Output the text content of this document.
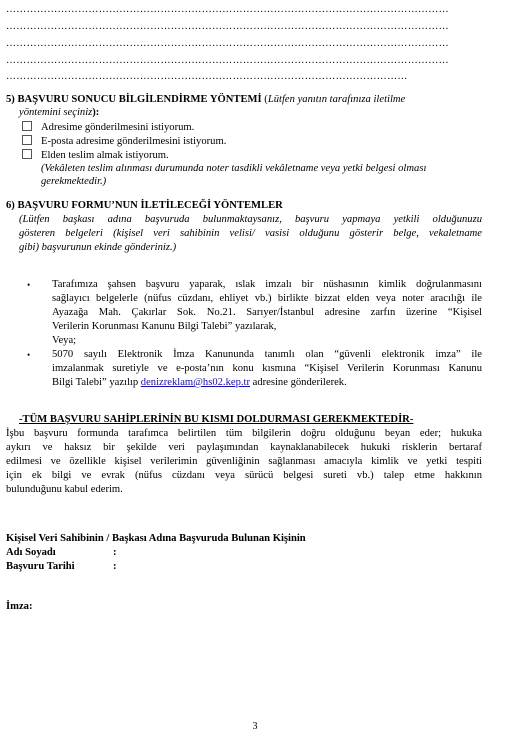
…………………………………………………………………………………………………………………
…………………………………………………………………………………………………………………
…………………………………………………………………………………………………………………
…………………………………………………………………………………………………………………
………………………………………………………………………………………………………
5) BAŞVURU SONUCU BİLGİLENDİRME YÖNTEMİ (Lütfen yanıtın tarafınıza iletilme
yöntemini seçiniz):
Adresime gönderilmesini istiyorum.
E-posta adresime gönderilmesini istiyorum.
Elden teslim almak istiyorum.
(Vekâleten teslim alınması durumunda noter tasdikli vekâletname veya yetki belgesi olması
gerekmektedir.)
6) BAŞVURU FORMU’NUN İLETİLECEĞİ YÖNTEMLER
(Lütfen başkası adına başvuruda bulunmaktaysanız, başvuru yapmaya yetkili olduğunuzu
gösteren belgeleri (kişisel veri sahibinin velisi/ vasisi olduğunu gösterir belge, vekaletname
gibi) başvurunun ekinde gönderiniz.)
• Tarafımıza şahsen başvuru yaparak, ıslak imzalı bir nüshasının kimlik doğrulanmasını
sağlayıcı belgelerle (nüfus cüzdanı, ehliyet vb.) birlikte bizzat elden veya noter aracılığı ile
Ayazağa Mah. Çakırlar Sok. No.21. Sarıyer/İstanbul adresine zarfın üzerine “Kişisel
Verilerin Korunması Kanunu Bilgi Talebi” yazılarak,
Veya;
• 5070 sayılı Elektronik İmza Kanununda tanımlı olan “güvenli elektronik imza” ile
imzalanmak suretiyle ve e-posta’nın konu kısmına “Kişisel Verilerin Korunması Kanunu
Bilgi Talebi” yazılıp denizreklam@hs02.kep.tr adresine gönderilerek.
-TÜM BAŞVURU SAHİPLERİNİN BU KISMI DOLDURMASI GEREKMEKTEDİR-
İşbu başvuru formunda tarafımca belirtilen tüm bilgilerin doğru olduğunu beyan eder; hukuka
aykırı ve haksız bir şekilde veri paylaşımından kaynaklanabilecek hukuki risklerin bertaraf
edilmesi ve özellikle kişisel verilerimin güvenliğinin sağlanması amacıyla kimlik ve yetki tespiti
için ek bilgi ve evrak (nüfus cüzdanı veya sürücü belgesi sureti vb.) talep etme hakkının
bulunduğunu kabul ederim.
Kişisel Veri Sahibinin / Başkası Adına Başvuruda Bulunan Kişinin
Adı Soyadı	:
Başvuru Tarihi	:
İmza:
3
